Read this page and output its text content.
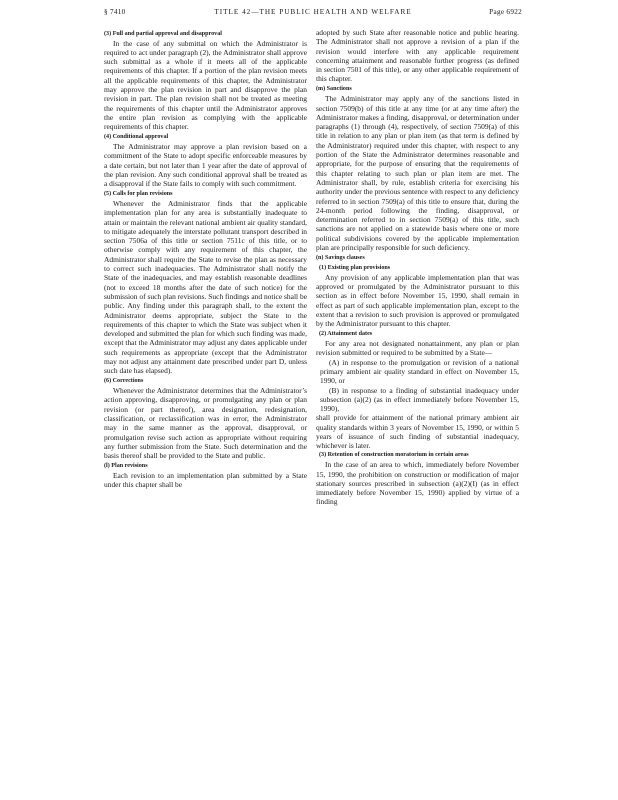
§ 7410	TITLE 42—THE PUBLIC HEALTH AND WELFARE	Page 6922
(3) Full and partial approval and disapproval

In the case of any submittal on which the Administrator is required to act under paragraph (2), the Administrator shall approve such submittal as a whole if it meets all of the applicable requirements of this chapter. If a portion of the plan revision meets all the applicable requirements of this chapter, the Administrator may approve the plan revision in part and disapprove the plan revision in part. The plan revision shall not be treated as meeting the requirements of this chapter until the Administrator approves the entire plan revision as complying with the applicable requirements of this chapter.

(4) Conditional approval

The Administrator may approve a plan revision based on a commitment of the State to adopt specific enforceable measures by a date certain, but not later than 1 year after the date of approval of the plan revision. Any such conditional approval shall be treated as a disapproval if the State fails to comply with such commitment.

(5) Calls for plan revisions

Whenever the Administrator finds that the applicable implementation plan for any area is substantially inadequate to attain or maintain the relevant national ambient air quality standard, to mitigate adequately the interstate pollutant transport described in section 7506a of this title or section 7511c of this title, or to otherwise comply with any requirement of this chapter, the Administrator shall require the State to revise the plan as necessary to correct such inadequacies. The Administrator shall notify the State of the inadequacies, and may establish reasonable deadlines (not to exceed 18 months after the date of such notice) for the submission of such plan revisions. Such findings and notice shall be public. Any finding under this paragraph shall, to the extent the Administrator deems appropriate, subject the State to the requirements of this chapter to which the State was subject when it developed and submitted the plan for which such finding was made, except that the Administrator may adjust any dates applicable under such requirements as appropriate (except that the Administrator may not adjust any attainment date prescribed under part D, unless such date has elapsed).

(6) Corrections

Whenever the Administrator determines that the Administrator’s action approving, disapproving, or promulgating any plan or plan revision (or part thereof), area designation, redesignation, classification, or reclassification was in error, the Administrator may in the same manner as the approval, disapproval, or promulgation revise such action as appropriate without requiring any further submission from the State. Such determination and the basis thereof shall be provided to the State and public.

(l) Plan revisions

Each revision to an implementation plan submitted by a State under this chapter shall be

adopted by such State after reasonable notice and public hearing. The Administrator shall not approve a revision of a plan if the revision would interfere with any applicable requirement concerning attainment and reasonable further progress (as defined in section 7501 of this title), or any other applicable requirement of this chapter.

(m) Sanctions

The Administrator may apply any of the sanctions listed in section 7509(b) of this title at any time (or at any time after) the Administrator makes a finding, disapproval, or determination under paragraphs (1) through (4), respectively, of section 7509(a) of this title in relation to any plan or plan item (as that term is defined by the Administrator) required under this chapter, with respect to any portion of the State the Administrator determines reasonable and appropriate, for the purpose of ensuring that the requirements of this chapter relating to such plan or plan item are met. The Administrator shall, by rule, establish criteria for exercising his authority under the previous sentence with respect to any deficiency referred to in section 7509(a) of this title to ensure that, during the 24-month period following the finding, disapproval, or determination referred to in section 7509(a) of this title, such sanctions are not applied on a statewide basis where one or more political subdivisions covered by the applicable implementation plan are principally responsible for such deficiency.

(n) Savings clauses
(1) Existing plan provisions

Any provision of any applicable implementation plan that was approved or promulgated by the Administrator pursuant to this section as in effect before November 15, 1990, shall remain in effect as part of such applicable implementation plan, except to the extent that a revision to such provision is approved or promulgated by the Administrator pursuant to this chapter.

(2) Attainment dates

For any area not designated nonattainment, any plan or plan revision submitted or required to be submitted by a State—

(A) in response to the promulgation or revision of a national primary ambient air quality standard in effect on November 15, 1990, or

(B) in response to a finding of substantial inadequacy under subsection (a)(2) (as in effect immediately before November 15, 1990),

shall provide for attainment of the national primary ambient air quality standards within 3 years of November 15, 1990, or within 5 years of issuance of such finding of substantial inadequacy, whichever is later.

(3) Retention of construction moratorium in certain areas

In the case of an area to which, immediately before November 15, 1990, the prohibition on construction or modification of major stationary sources prescribed in subsection (a)(2)(I) (as in effect immediately before November 15, 1990) applied by virtue of a finding
